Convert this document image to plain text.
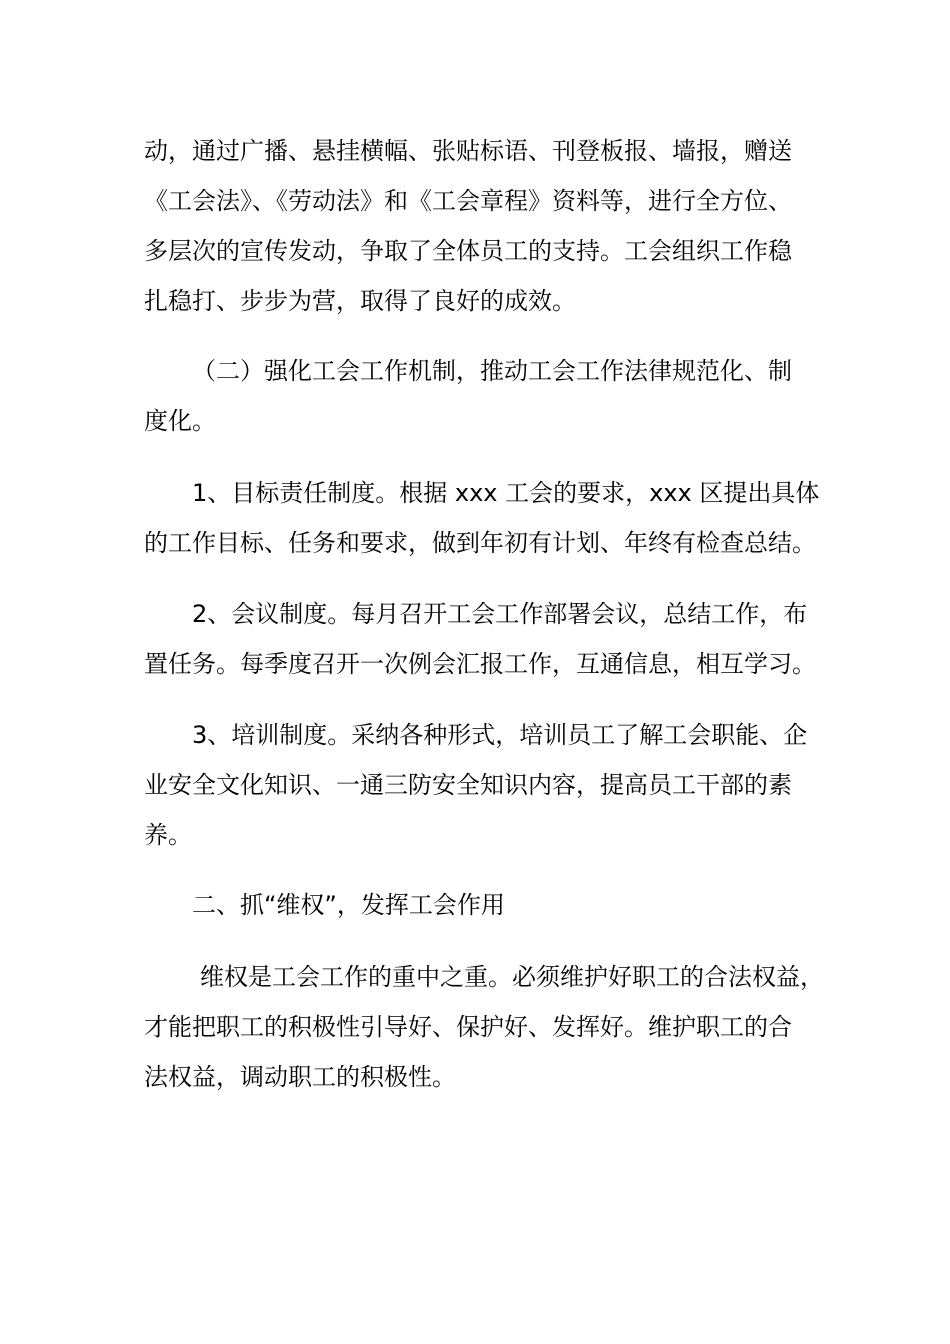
动，通过广播、悬挂横幅、张贴标语、刊登板报、墙报，赠送
《工会法》、《劳动法》和《工会章程》资料等，进行全方位、
多层次的宣传发动，争取了全体员工的支持。工会组织工作稳
扎稳打、步步为营，取得了良好的成效。
（二）强化工会工作机制，推动工会工作法律规范化、制
度化。
1、目标责任制度。根据 xxx 工会的要求，xxx 区提出具体
的工作目标、任务和要求，做到年初有计划、年终有检查总结。
2、会议制度。每月召开工会工作部署会议，总结工作，布
置任务。每季度召开一次例会汇报工作，互通信息，相互学习。
3、培训制度。采纳各种形式，培训员工了解工会职能、企
业安全文化知识、一通三防安全知识内容，提高员工干部的素
养。
二、抓“维权”，发挥工会作用
维权是工会工作的重中之重。必须维护好职工的合法权益，
才能把职工的积极性引导好、保护好、发挥好。维护职工的合
法权益，调动职工的积极性。
